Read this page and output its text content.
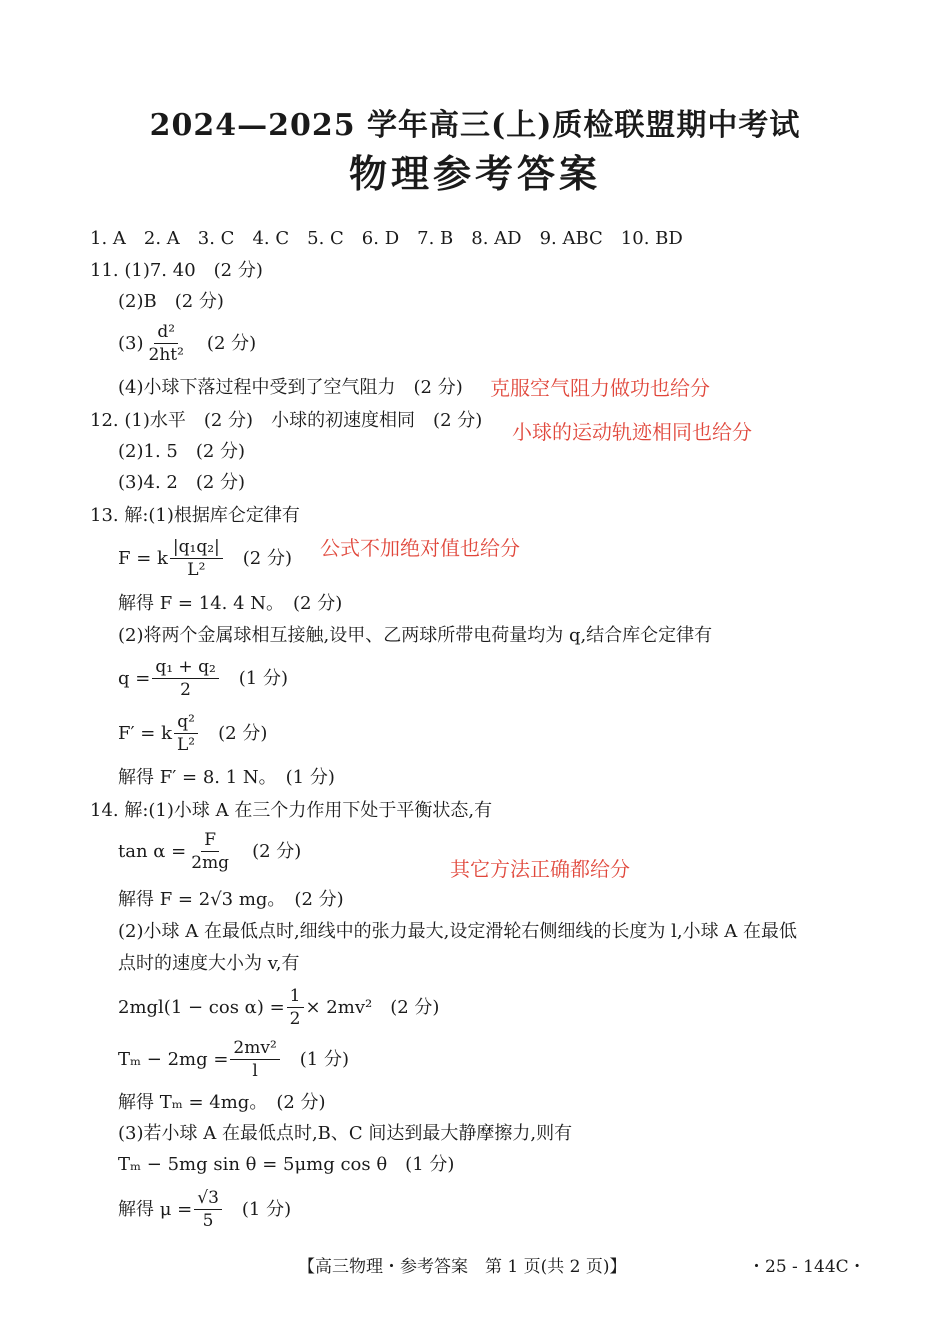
2024—2025 学年高三(上)质检联盟期中考试
物理参考答案
1. A　2. A　3. C　4. C　5. C　6. D　7. B　8. AD　9. ABC　10. BD
11. (1)7. 40　(2 分)
(2)B　(2 分)
$(3) \frac{\text{d²}}{\text{2ht²}} (2$ 分)
(4)小球下落过程中受到了空气阻力　(2 分) 克服空气阻力做功也给分
12. (1)水平　(2 分)　小球的初速度相同　(2 分) 小球的运动轨迹相同也给分
(2)1. 5　(2 分)
(3)4. 2　(2 分)
13. 解:(1)根据库仑定律有
F = k $\frac{\text{|q₁q₂|}}{\text{L²}} (2$ 分) 公式不加绝对值也给分
解得 F = 14. 4 N。　(2 分)
(2)将两个金属球相互接触,设甲、乙两球所带电荷量均为 q,结合库仑定律有
$q = \frac{\text{q₁ + q₂}}{2} (1$ 分)
F′ = k $\frac{\text{q²}}{\text{L²}} (2$ 分)
解得 F′ = 8. 1 N。　(1 分)
14. 解:(1)小球 A 在三个力作用下处于平衡状态,有
$\tan \alpha = \frac{F}{2mg} (2$ 分)
其它方法正确都给分
解得 F = 2√3 mg。　(2 分)
(2)小球 A 在最低点时,细线中的张力最大,设定滑轮右侧细线的长度为 l,小球 A 在最低
点时的速度大小为 v,有
$2mgl(1 - \cos \alpha) = \frac{1}{2} \times 2mv^2$ (2 分)
$T_m - 2mg = \frac{\text{2mv²}}{l} (1$ 分)
解得 Tₘ = 4mg。　(2 分)
(3)若小球 A 在最低点时,B、C 间达到最大静摩擦力,则有
Tₘ − 5mg sin θ = 5μmg cos θ　(1 分)
解得 $\mu = \frac{√3}{5} (1$ 分)
【高三物理・参考答案　第 1 页(共 2 页)】	・25 - 144C・
